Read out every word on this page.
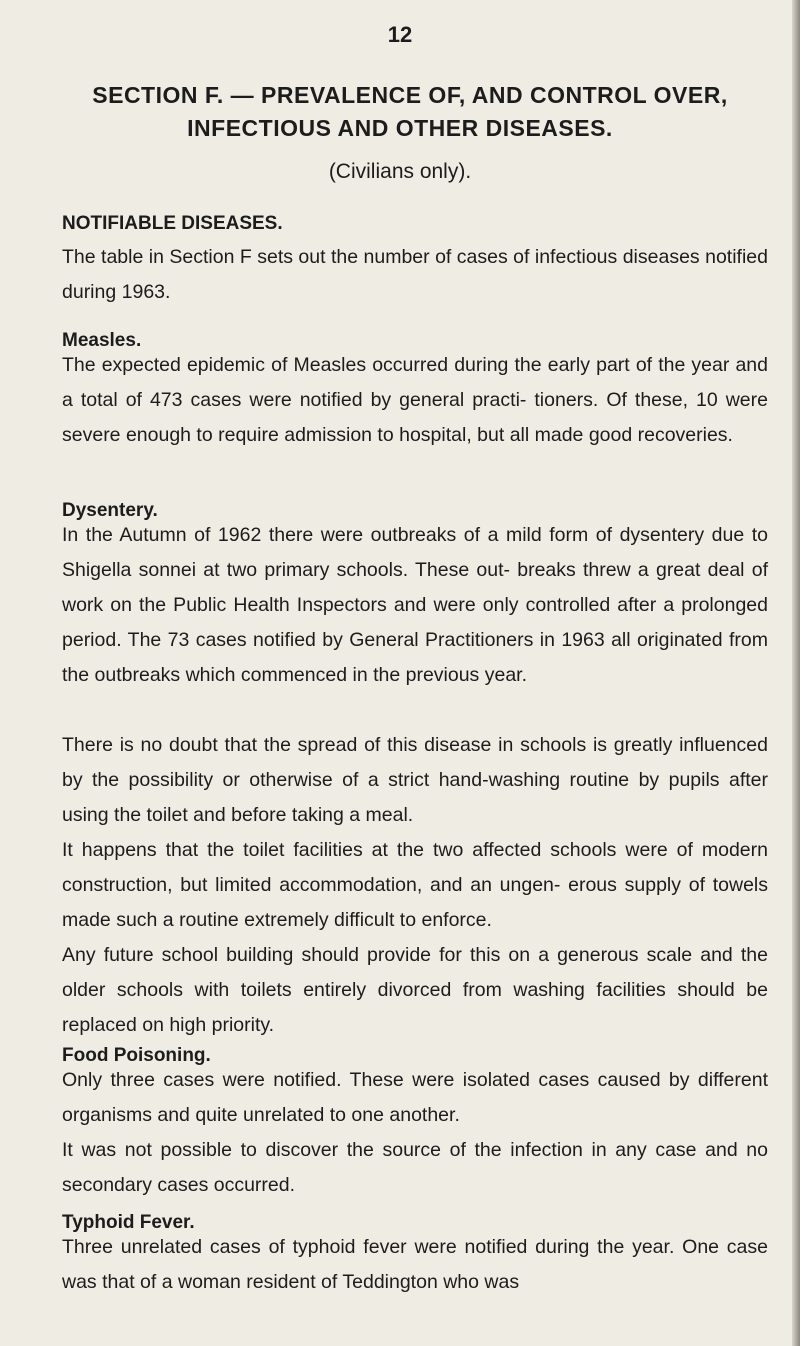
12
SECTION F. — PREVALENCE OF, AND CONTROL OVER,
INFECTIOUS AND OTHER DISEASES.
(Civilians only).
NOTIFIABLE DISEASES.

The table in Section F sets out the number of cases of infectious diseases notified during 1963.

Measles.

The expected epidemic of Measles occurred during the early part of the year and a total of 473 cases were notified by general practi- tioners. Of these, 10 were severe enough to require admission to hospital, but all made good recoveries.

Dysentery.

In the Autumn of 1962 there were outbreaks of a mild form of dysentery due to Shigella sonnei at two primary schools. These out- breaks threw a great deal of work on the Public Health Inspectors and were only controlled after a prolonged period. The 73 cases notified by General Practitioners in 1963 all originated from the outbreaks which commenced in the previous year.

There is no doubt that the spread of this disease in schools is greatly influenced by the possibility or otherwise of a strict hand-washing routine by pupils after using the toilet and before taking a meal.

It happens that the toilet facilities at the two affected schools were of modern construction, but limited accommodation, and an ungen- erous supply of towels made such a routine extremely difficult to enforce.

Any future school building should provide for this on a generous scale and the older schools with toilets entirely divorced from washing facilities should be replaced on high priority.

Food Poisoning.

Only three cases were notified. These were isolated cases caused by different organisms and quite unrelated to one another.

It was not possible to discover the source of the infection in any case and no secondary cases occurred.

Typhoid Fever.

Three unrelated cases of typhoid fever were notified during the year. One case was that of a woman resident of Teddington who was
